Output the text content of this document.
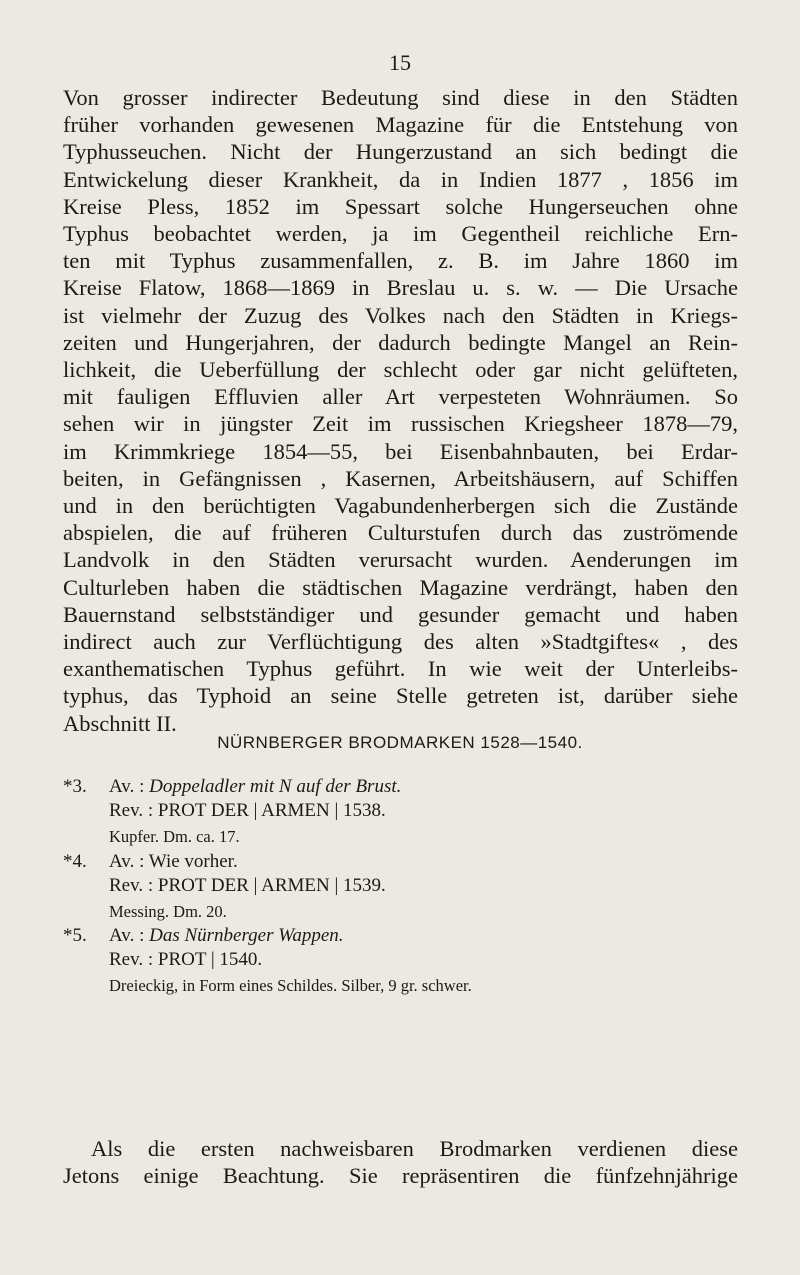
15

Von grosser indirecter Bedeutung sind diese in den Städten
früher vorhanden gewesenen Magazine für die Entstehung von
Typhusseuchen. Nicht der Hungerzustand an sich bedingt die
Entwickelung dieser Krankheit, da in Indien 1877 , 1856 im
Kreise Pless, 1852 im Spessart solche Hungerseuchen ohne
Typhus beobachtet werden, ja im Gegentheil reichliche Ern-
ten mit Typhus zusammenfallen, z. B. im Jahre 1860 im
Kreise Flatow, 1868—1869 in Breslau u. s. w. — Die Ursache
ist vielmehr der Zuzug des Volkes nach den Städten in Kriegs-
zeiten und Hungerjahren, der dadurch bedingte Mangel an Rein-
lichkeit, die Ueberfüllung der schlecht oder gar nicht gelüfteten,
mit fauligen Effluvien aller Art verpesteten Wohnräumen. So
sehen wir in jüngster Zeit im russischen Kriegsheer 1878—79,
im Krimmkriege 1854—55, bei Eisenbahnbauten, bei Erdar-
beiten, in Gefängnissen , Kasernen, Arbeitshäusern, auf Schiffen
und in den berüchtigten Vagabundenherbergen sich die Zustände
abspielen, die auf früheren Culturstufen durch das zuströmende
Landvolk in den Städten verursacht wurden. Aenderungen im
Culturleben haben die städtischen Magazine verdrängt, haben den
Bauernstand selbstständiger und gesunder gemacht und haben
indirect auch zur Verflüchtigung des alten »Stadtgiftes« , des
exanthematischen Typhus geführt. In wie weit der Unterleibs-
typhus, das Typhoid an seine Stelle getreten ist, darüber siehe
Abschnitt II.

NÜRNBERGER BRODMARKEN 1528—1540.
*3. Av. : Doppeladler mit N auf der Brust.
Rev. : PROT DER | ARMEN | 1538.
Kupfer. Dm. ca. 17.
*4. Av. : Wie vorher.
Rev. : PROT DER | ARMEN | 1539.
Messing. Dm. 20.
*5. Av. : Das Nürnberger Wappen.
Rev. : PROT | 1540.
Dreieckig, in Form eines Schildes. Silber, 9 gr. schwer.

Als die ersten nachweisbaren Brodmarken verdienen diese
Jetons einige Beachtung. Sie repräsentiren die fünfzehnjährige
